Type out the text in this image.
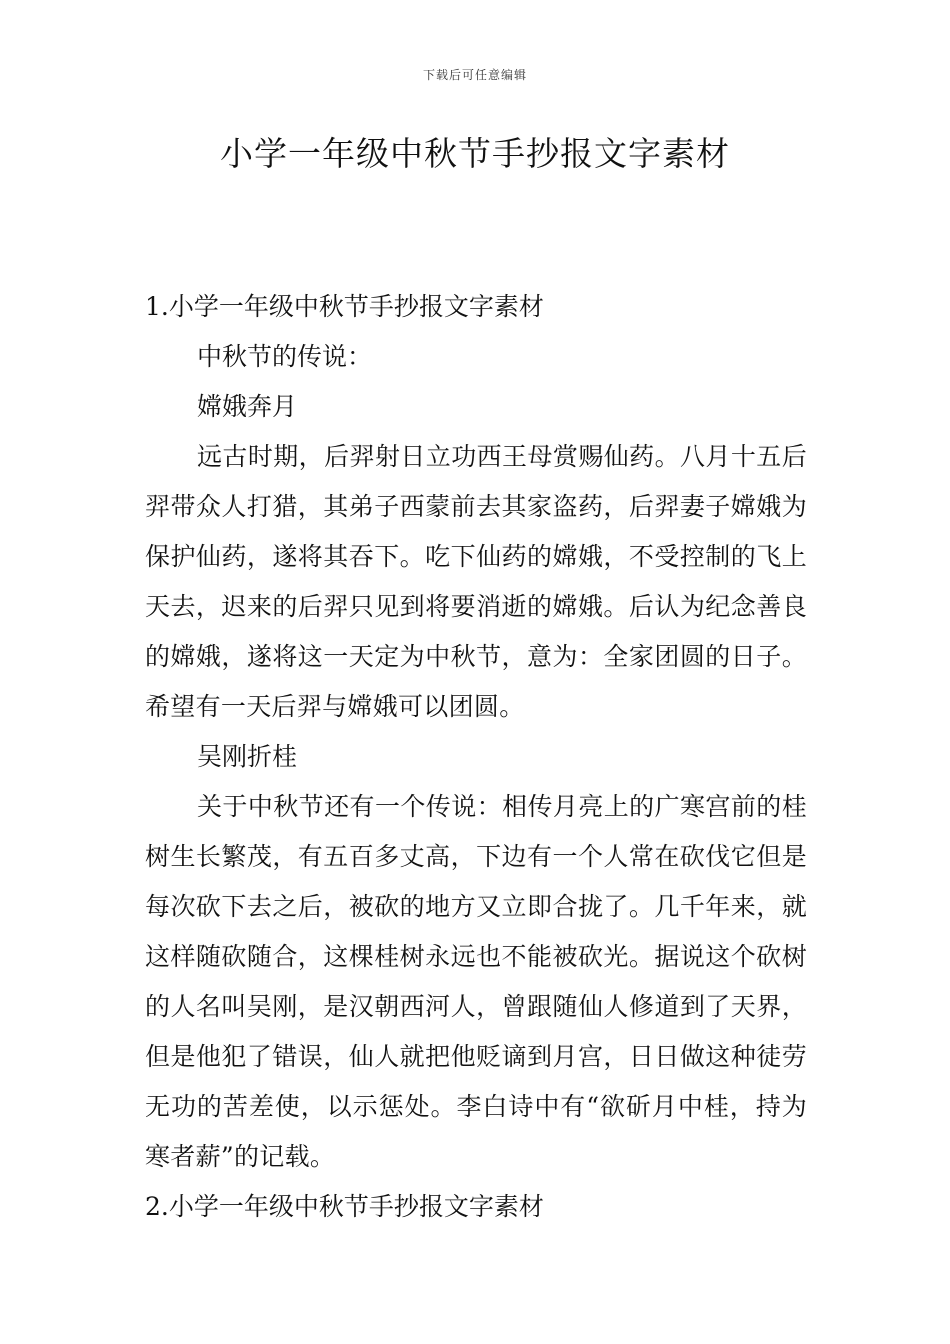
下载后可任意编辑
小学一年级中秋节手抄报文字素材

1.小学一年级中秋节手抄报文字素材

中秋节的传说：

嫦娥奔月

远古时期，后羿射日立功西王母赏赐仙药。八月十五后羿带众人打猎，其弟子西蒙前去其家盗药，后羿妻子嫦娥为保护仙药，遂将其吞下。吃下仙药的嫦娥，不受控制的飞上天去，迟来的后羿只见到将要消逝的嫦娥。后认为纪念善良的嫦娥，遂将这一天定为中秋节，意为：全家团圆的日子。希望有一天后羿与嫦娥可以团圆。

吴刚折桂

关于中秋节还有一个传说：相传月亮上的广寒宫前的桂树生长繁茂，有五百多丈高，下边有一个人常在砍伐它但是每次砍下去之后，被砍的地方又立即合拢了。几千年来，就这样随砍随合，这棵桂树永远也不能被砍光。据说这个砍树的人名叫吴刚，是汉朝西河人，曾跟随仙人修道到了天界，但是他犯了错误，仙人就把他贬谪到月宫，日日做这种徒劳无功的苦差使，以示惩处。李白诗中有“欲斫月中桂，持为寒者薪”的记载。

2.小学一年级中秋节手抄报文字素材
